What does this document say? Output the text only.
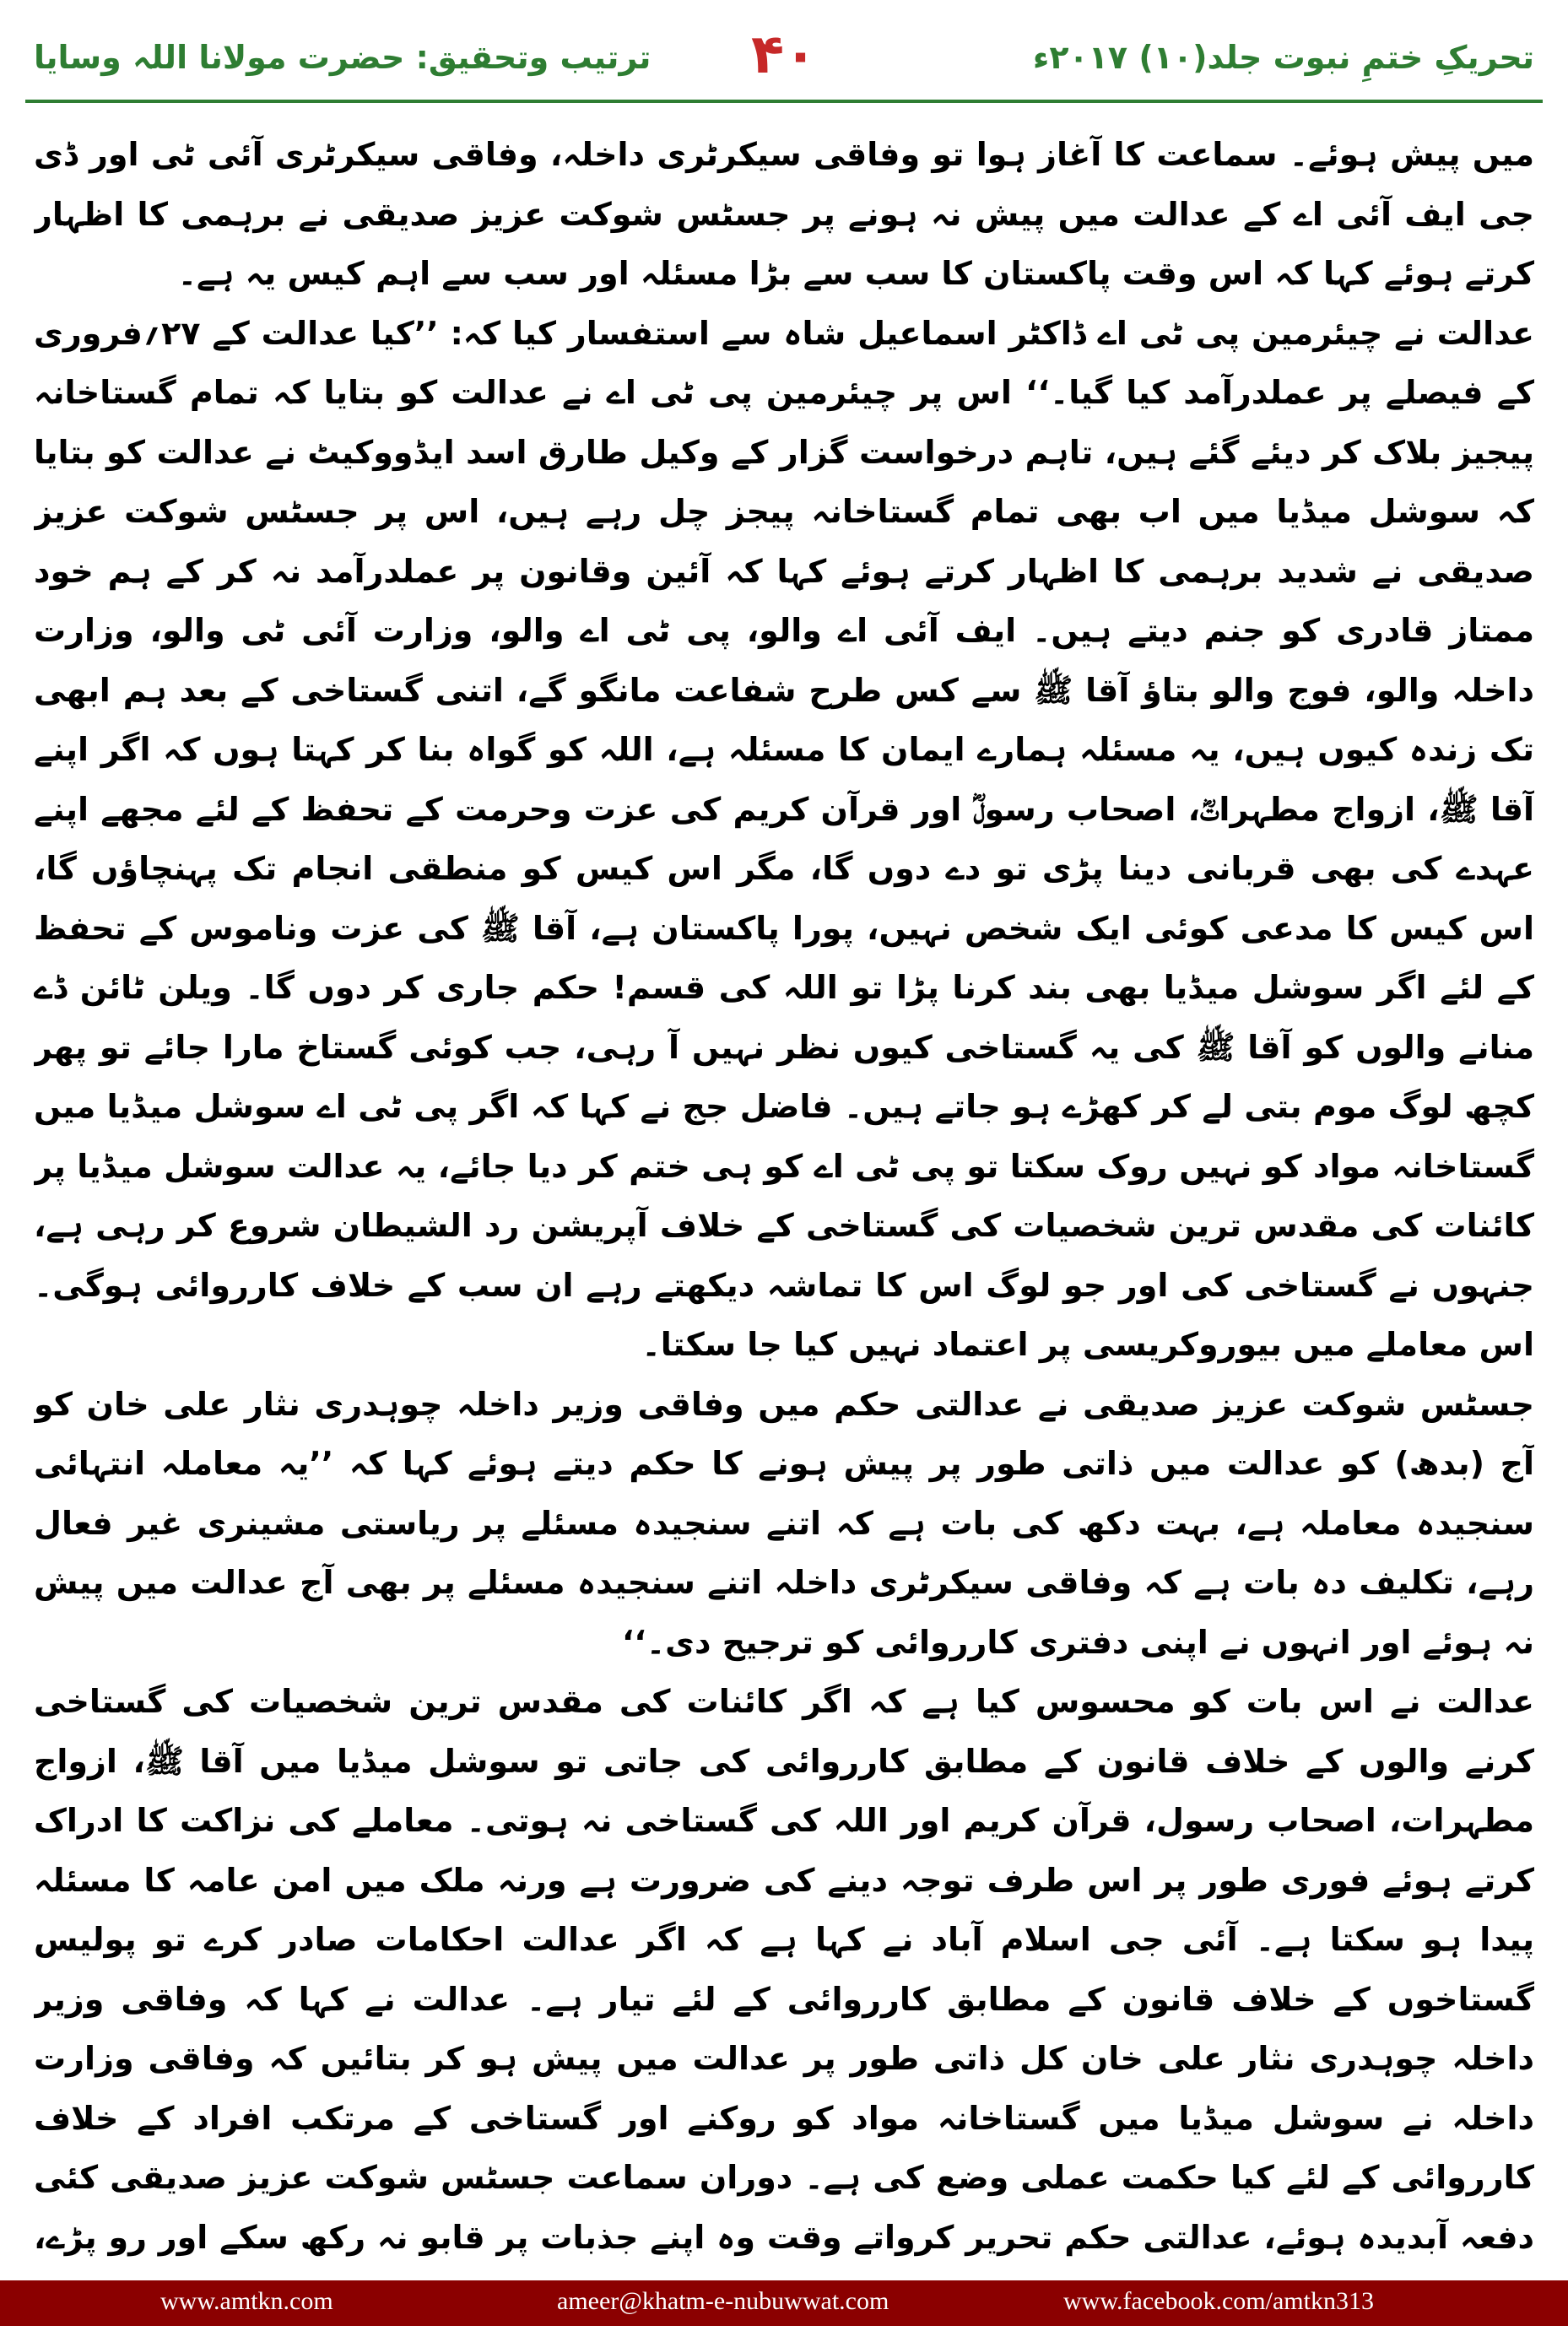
ترتیب وتحقیق: حضرت مولانا اللہ وسایا ۴۰	تحریکِ ختمِ نبوت جلد(۱۰) ۲۰۱۷ء

میں پیش ہوئے۔ سماعت کا آغاز ہوا تو وفاقی سیکرٹری داخلہ، وفاقی سیکرٹری آئی ٹی اور ڈی جی ایف آئی اے کے عدالت میں پیش نہ ہونے پر جسٹس شوکت عزیز صدیقی نے برہمی کا اظہار کرتے ہوئے کہا کہ اس وقت پاکستان کا سب سے بڑا مسئلہ اور سب سے اہم کیس یہ ہے۔

عدالت نے چیئرمین پی ٹی اے ڈاکٹر اسماعیل شاہ سے استفسار کیا کہ: ’’کیا عدالت کے ۲۷؍فروری کے فیصلے پر عملدرآمد کیا گیا۔‘‘ اس پر چیئرمین پی ٹی اے نے عدالت کو بتایا کہ تمام گستاخانہ پیجیز بلاک کر دیئے گئے ہیں، تاہم درخواست گزار کے وکیل طارق اسد ایڈووکیٹ نے عدالت کو بتایا کہ سوشل میڈیا میں اب بھی تمام گستاخانہ پیجز چل رہے ہیں، اس پر جسٹس شوکت عزیز صدیقی نے شدید برہمی کا اظہار کرتے ہوئے کہا کہ آئین وقانون پر عملدرآمد نہ کر کے ہم خود ممتاز قادری کو جنم دیتے ہیں۔ ایف آئی اے والو، پی ٹی اے والو، وزارت آئی ٹی والو، وزارت داخلہ والو، فوج والو بتاؤ آقا ﷺ سے کس طرح شفاعت مانگو گے، اتنی گستاخی کے بعد ہم ابھی تک زندہ کیوں ہیں، یہ مسئلہ ہمارے ایمان کا مسئلہ ہے، اللہ کو گواہ بنا کر کہتا ہوں کہ اگر اپنے آقا ﷺ، ازواج مطہراتؓ، اصحاب رسولؓ اور قرآن کریم کی عزت وحرمت کے تحفظ کے لئے مجھے اپنے عہدے کی بھی قربانی دینا پڑی تو دے دوں گا، مگر اس کیس کو منطقی انجام تک پہنچاؤں گا، اس کیس کا مدعی کوئی ایک شخص نہیں، پورا پاکستان ہے، آقا ﷺ کی عزت وناموس کے تحفظ کے لئے اگر سوشل میڈیا بھی بند کرنا پڑا تو اللہ کی قسم! حکم جاری کر دوں گا۔ ویلن ٹائن ڈے منانے والوں کو آقا ﷺ کی یہ گستاخی کیوں نظر نہیں آ رہی، جب کوئی گستاخ مارا جائے تو پھر کچھ لوگ موم بتی لے کر کھڑے ہو جاتے ہیں۔ فاضل جج نے کہا کہ اگر پی ٹی اے سوشل میڈیا میں گستاخانہ مواد کو نہیں روک سکتا تو پی ٹی اے کو ہی ختم کر دیا جائے، یہ عدالت سوشل میڈیا پر کائنات کی مقدس ترین شخصیات کی گستاخی کے خلاف آپریشن رد الشیطان شروع کر رہی ہے، جنہوں نے گستاخی کی اور جو لوگ اس کا تماشہ دیکھتے رہے ان سب کے خلاف کارروائی ہوگی۔ اس معاملے میں بیوروکریسی پر اعتماد نہیں کیا جا سکتا۔

جسٹس شوکت عزیز صدیقی نے عدالتی حکم میں وفاقی وزیر داخلہ چوہدری نثار علی خان کو آج (بدھ) کو عدالت میں ذاتی طور پر پیش ہونے کا حکم دیتے ہوئے کہا کہ ’’یہ معاملہ انتہائی سنجیدہ معاملہ ہے، بہت دکھ کی بات ہے کہ اتنے سنجیدہ مسئلے پر ریاستی مشینری غیر فعال رہے، تکلیف دہ بات ہے کہ وفاقی سیکرٹری داخلہ اتنے سنجیدہ مسئلے پر بھی آج عدالت میں پیش نہ ہوئے اور انہوں نے اپنی دفتری کارروائی کو ترجیح دی۔‘‘

عدالت نے اس بات کو محسوس کیا ہے کہ اگر کائنات کی مقدس ترین شخصیات کی گستاخی کرنے والوں کے خلاف قانون کے مطابق کارروائی کی جاتی تو سوشل میڈیا میں آقا ﷺ، ازواج مطہرات، اصحاب رسول، قرآن کریم اور اللہ کی گستاخی نہ ہوتی۔ معاملے کی نزاکت کا ادراک کرتے ہوئے فوری طور پر اس طرف توجہ دینے کی ضرورت ہے ورنہ ملک میں امن عامہ کا مسئلہ پیدا ہو سکتا ہے۔ آئی جی اسلام آباد نے کہا ہے کہ اگر عدالت احکامات صادر کرے تو پولیس گستاخوں کے خلاف قانون کے مطابق کارروائی کے لئے تیار ہے۔ عدالت نے کہا کہ وفاقی وزیر داخلہ چوہدری نثار علی خان کل ذاتی طور پر عدالت میں پیش ہو کر بتائیں کہ وفاقی وزارت داخلہ نے سوشل میڈیا میں گستاخانہ مواد کو روکنے اور گستاخی کے مرتکب افراد کے خلاف کارروائی کے لئے کیا حکمت عملی وضع کی ہے۔ دوران سماعت جسٹس شوکت عزیز صدیقی کئی دفعہ آبدیدہ ہوئے، عدالتی حکم تحریر کرواتے وقت وہ اپنے جذبات پر قابو نہ رکھ سکے اور رو پڑے،

www.amtkn.com	ameer@khatm-e-nubuwwat.com	www.facebook.com/amtkn313
